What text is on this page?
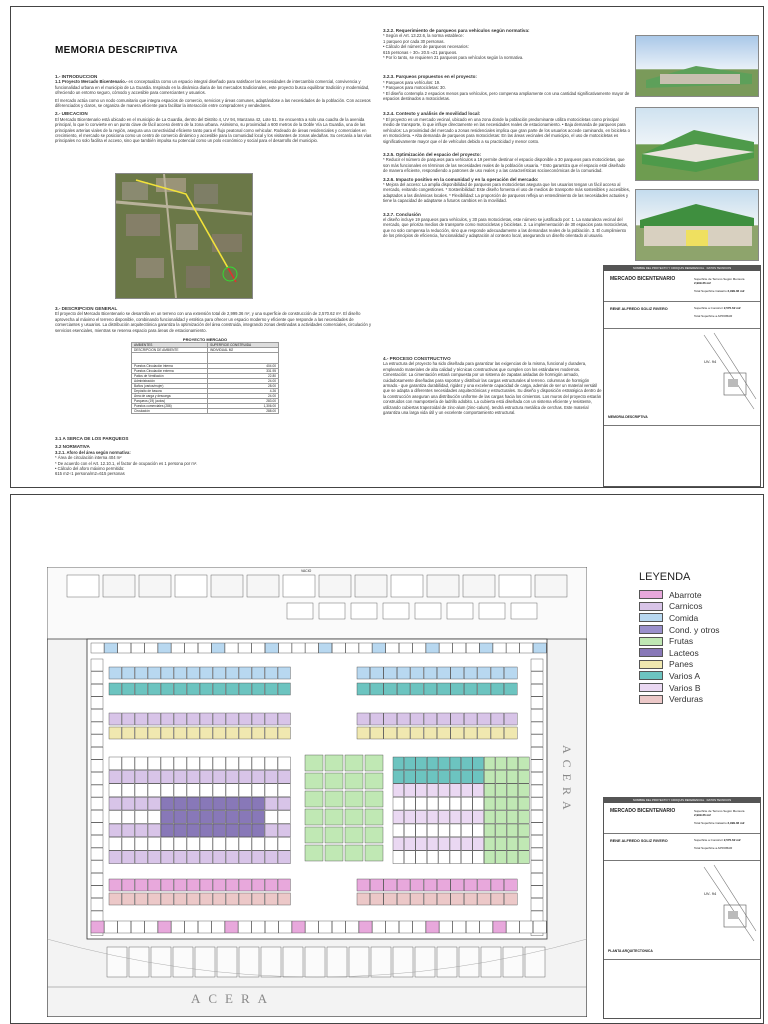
MEMORIA DESCRIPTIVA
1.- INTRODUCCION

1.1 Proyecto Mercado Bicentenario.- es conceptualiza como un espacio integral diseñado para satisfacer las necesidades de intercambio comercial, convivencia y funcionalidad urbana en el municipio de La Guardia. Inspirado en la dinámica diaria de los mercados tradicionales, este proyecto busca equilibrar tradición y modernidad, ofreciendo un entorno seguro, cómodo y accesible para comerciantes y usuarios.

El mercado actúa como un nodo comunitario que integra espacios de comercio, servicios y áreas comunes, adaptándose a las necesidades de la población. Con accesos diferenciados y claros, se organiza de manera eficiente para facilitar la interacción entre compradores y vendedores.

2.- UBICACION

El Mercado Bicentenario está ubicado en el municipio de La Guardia, dentro del Distrito 4, UV 94, Manzana 42, Lote 51. Se encuentra a solo una cuadra de la avenida principal, lo que lo convierte en un punto clave de fácil acceso dentro de la zona urbana. Asimismo, su proximidad a 600 metros de la Doble Vía La Guardia, una de las principales arterias viales de la región, asegura una conectividad eficiente tanto para el flujo peatonal como vehicular. Rodeado de áreas residenciales y comerciales en crecimiento, el mercado se posiciona como un centro de comercio dinámico y accesible para la comunidad local y los visitantes de zonas aledañas. Su cercanía a las vías principales no solo facilita el acceso, sino que también impulsa su potencial como un polo económico y social para el desarrollo del municipio.

3.- DESCRIPCION GENERAL

El proyecto del Mercado Bicentenario se desarrolla en un terreno con una extensión total de 2,999.36 m², y una superficie de construcción de 2,570.62 m². El diseño aprovecha al máximo el terreno disponible, combinando funcionalidad y estética para ofrecer un espacio moderno y eficiente que responde a las necesidades de comerciantes y usuarios. La distribución arquitectónica garantiza la optimización del área construida, integrando zonas destinadas a actividades comerciales, circulación y servicios esenciales, mientras se reserva espacio para áreas de estacionamiento.

PROYECTO MERCADO	
AMBIENTES	SUPERFICIE CONSTRUIDA
DESCRIPCION DE AMBIENTE	INDIVIDUAL M2

Puestos Circulación interna	404.00
Puestos Circulación externa	331.95
Patios de Ventilación	22.80
Administración	24.00
Baños (varios/mujer)	28.00
Depósito de basura	4.26
Área de carga y descarga	24.00
Parqueos (19) (autos)	283.00
Puestos comerciales (286)	1,306.00
Circulación	288.00
3.1 A SERCA DE LOS PARQUEOS
3.2 NORMATIVA
3.2.1. Aforo del área según normativa:
* Área de circulación interna 404 m²
* De acuerdo con el Art. 12.10.1, el factor de ocupación es 1 persona por m².
• Cálculo del aforo máximo permitido:
615 m2÷1 persona/m2=615 personas
3.2.2. Requerimiento de parqueos para vehículos según normativa:
* Según el Art. 13.22.6, la norma establece:
1 parqueo por cada 30 personas.
• Cálculo del número de parqueos necesarios:
615 personas ÷ 30= 20.5 ≈21 parqueos.
* Por lo tanto, se requieren 21 parqueos para vehículos según la normativa.
3.2.3. Parqueos propuestos en el proyecto:
* Parqueos para vehículos: 19.
* Parqueos para motocicletas: 30.
* El diseño contempla 2 espacios menos para vehículos, pero compensa ampliamente con una cantidad significativamente mayor de espacios destinados a motocicletas.
3.2.4. Contexto y análisis de movilidad local:

* El proyecto es un mercado vecinal, ubicado en una zona donde la población predominante utiliza motocicletas como principal medio de transporte, lo que influye directamente en las necesidades reales de estacionamiento. • Baja demanda de parqueos para vehículos: La proximidad del mercado a zonas residenciales implica que gran parte de los usuarios accede caminando, en bicicleta o en motocicleta. • Alta demanda de parqueos para motocicletas: En las áreas vecinales del municipio, el uso de motocicletas es significativamente mayor que el de vehículos debido a su practicidad y menor costo.

3.2.5. Optimización del espacio del proyecto:

* Reducir el número de parqueos para vehículos a 19 permite destinar el espacio disponible a 30 parqueos para motocicletas, que son más funcionales en términos de las necesidades reales de la población usuaria. * Esto garantiza que el espacio esté diseñado de manera eficiente, respondiendo a patrones de uso reales y a las características socioeconómicas de la comunidad.

3.2.6. Impacto positivo en la comunidad y en la operación del mercado:

* Mejora del acceso: La amplia disponibilidad de parqueos para motocicletas asegura que los usuarios tengan un fácil acceso al mercado, evitando congestiones. * Sostenibilidad: Este diseño fomenta el uso de medios de transporte más sostenibles y accesibles, adaptados a las dinámicas locales. * Flexibilidad: La proporción de parqueos refleja un entendimiento de las necesidades actuales y tiene la capacidad de adaptarse a futuros cambios en la movilidad.

3.2.7. Conclusión

el diseño incluye 19 parqueos para vehículos, y 30 para motocicletas, este número se justificado por: 1. La naturaleza vecinal del mercado, que prioriza medios de transporte como motocicletas y bicicletas. 2. La implementación de 30 espacios para motocicletas, que no solo compensa la reducción, sino que responde adecuadamente a las demandas reales de la población. 3. El cumplimiento de los principios de eficiencia, funcionalidad y adaptación al contexto local, asegurando un diseño orientado al usuario.

4.- PROCESO CONSTRUCTIVO

La estructura del proyecto ha sido diseñada para garantizar las exigencias de la misma, funcional y duradera, empleando materiales de alta calidad y técnicas constructivas que cumplen con los estándares modernos. Cimentación: La cimentación estará compuesta por un sistema de zapatas aisladas de hormigón armado, cuidadosamente diseñadas para soportar y distribuir las cargas estructurales al terreno. columnas de hormigón armado.- que garantiza durabilidad, rigidez y una excelente capacidad de carga, además de ser un material versátil que se adapta a diferentes necesidades arquitectónicas y estructurales. Su diseño y disposición estratégica dentro de la construcción aseguran una distribución uniforme de las cargas hacia los cimientos. Los muros del proyecto estarán construidos con mampostería de ladrillo adobito. La cubierta está diseñada con un sistema eficiente y resistente, utilizando cubiertas trapezoidal de zinc-alum (zinc-calum), tendrá estructura metálica de cerchas. Este material garantiza una larga vida útil y un excelente comportamiento estructural.

NOMBRE DEL PROYECTO Y CROQUIS REFERENCIAL DATOS TECNICOS
MERCADO BICENTENARIO	Superficie de Terreno Según Mensura 2,999.36 m2

Total Superficie Catastro 2,999.36 m2
RENE ALFREDO SOLIZ RIVERO	Superficie a Construir 2,570.62 m2

Total Superficie a APROBAR
UV- 94
MEMORIA DESCRIPTIVA
VACIO
ACERA
ACERA
LEYENDA
Abarrote
Carnicos
Comida
Cond. y otros
Frutas
Lacteos
Panes
Varios A
Varios B
Verduras
NOMBRE DEL PROYECTO Y CROQUIS REFERENCIAL DATOS TECNICOS
MERCADO BICENTENARIO	Superficie de Terreno Según Mensura 2,999.36 m2

Total Superficie Catastro 2,999.36 m2
RENE ALFREDO SOLIZ RIVERO	Superficie a Construir 2,570.62 m2

Total Superficie a APROBAR
UV- 94
PLANTA ARQUITECTONICA
